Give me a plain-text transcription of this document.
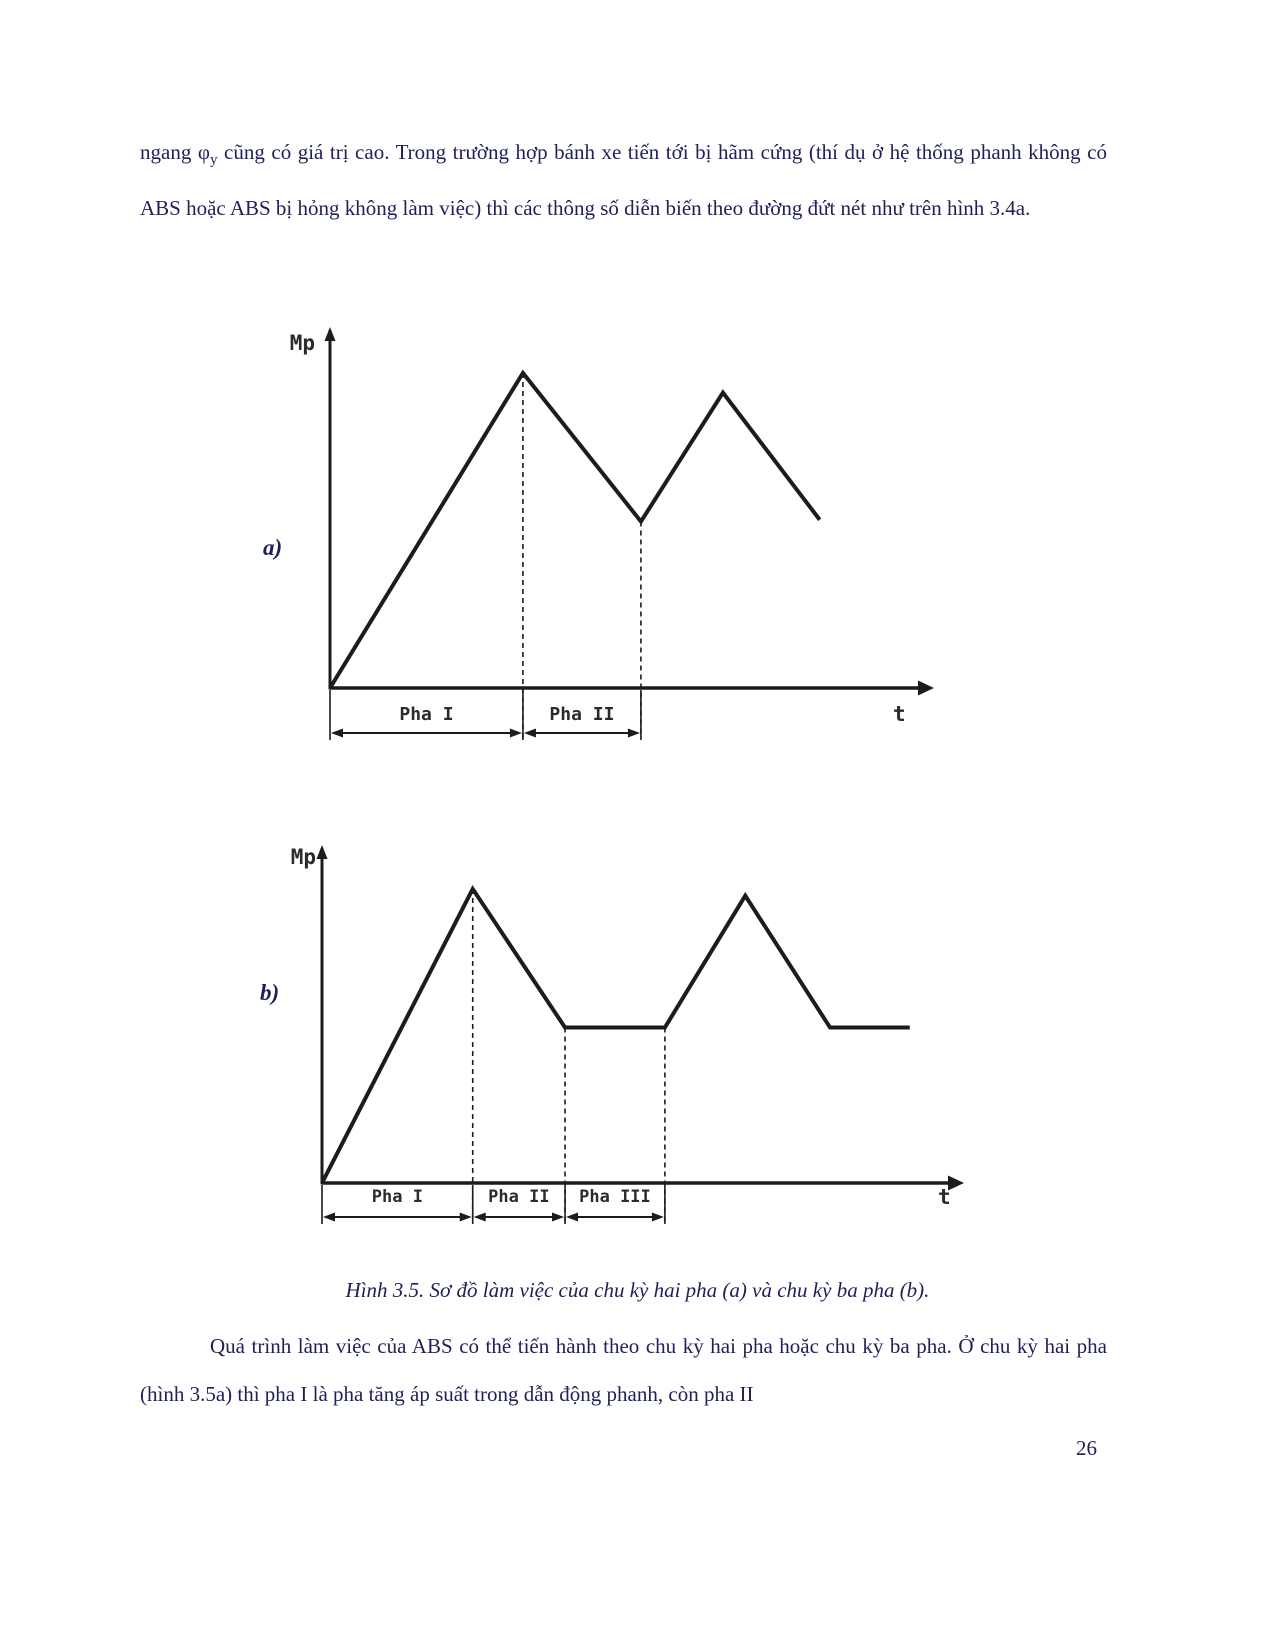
ngang $\varphi_y$ cũng có giá trị cao. Trong trường hợp bánh xe tiến tới bị hãm cứng (thí dụ ở hệ thống phanh không có ABS hoặc ABS bị hỏng không làm việc) thì các thông số diễn biến theo đường đứt nét như trên hình 3.4a.

Pha I	Pha II
Mp
t
a)
Pha I	Pha II Pha III
Mp
t
b)
Hình 3.5. Sơ đồ làm việc của chu kỳ hai pha (a) và chu kỳ ba pha (b).

Quá trình làm việc của ABS có thể tiến hành theo chu kỳ hai pha hoặc chu kỳ ba pha. Ở chu kỳ hai pha (hình 3.5a) thì pha I là pha tăng áp suất trong dẫn động phanh, còn pha II

26
